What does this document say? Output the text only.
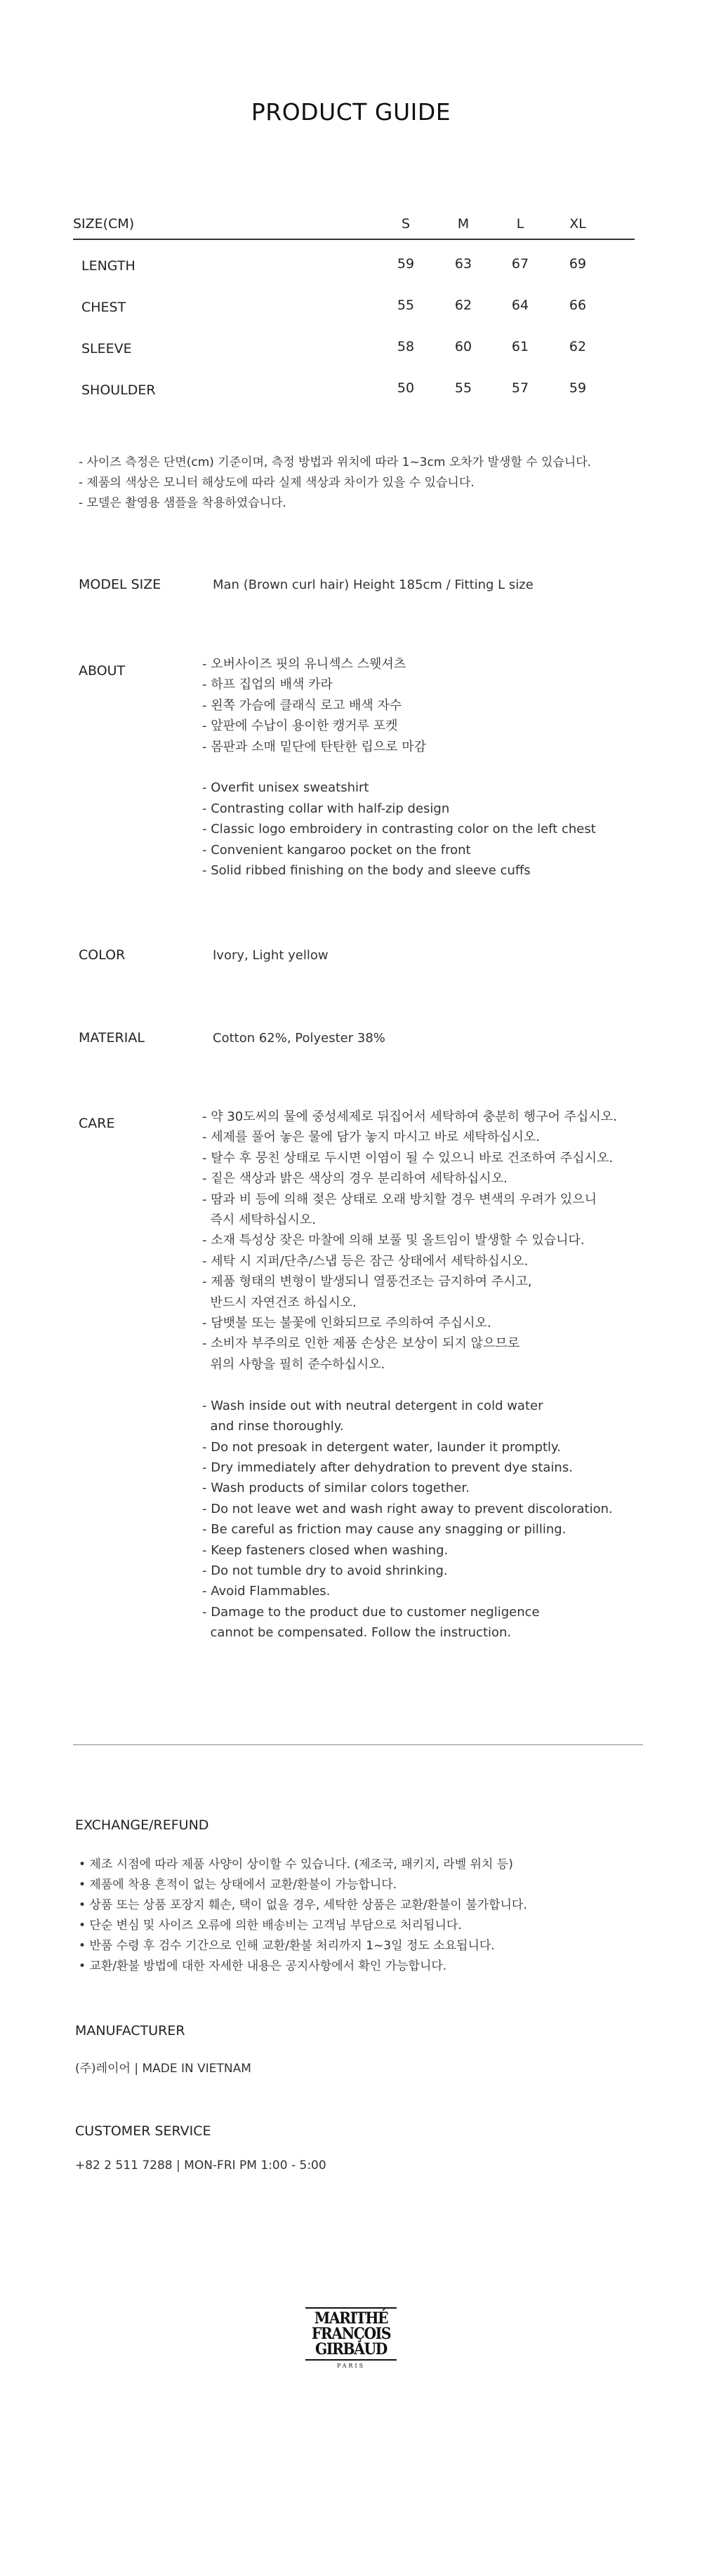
PRODUCT GUIDE
SIZE(CM)	S	M	L	XL
LENGTH	59	63	67	69
CHEST	55	62	64	66
SLEEVE	58	60	61	62
SHOULDER	50	55	57	59
- 사이즈 측정은 단면(cm) 기준이며, 측정 방법과 위치에 따라 1~3cm 오차가 발생할 수 있습니다.
- 제품의 색상은 모니터 해상도에 따라 실제 색상과 차이가 있을 수 있습니다.
- 모델은 촬영용 샘플을 착용하였습니다.
MODEL SIZE	Man (Brown curl hair) Height 185cm / Fitting L size
ABOUT	- 오버사이즈 핏의 유니섹스 스웻셔츠
- 하프 집업의 배색 카라
- 왼쪽 가슴에 클래식 로고 배색 자수
- 앞판에 수납이 용이한 캥거루 포켓
- 몸판과 소매 밑단에 탄탄한 립으로 마감

- Overfit unisex sweatshirt
- Contrasting collar with half-zip design
- Classic logo embroidery in contrasting color on the left chest
- Convenient kangaroo pocket on the front
- Solid ribbed finishing on the body and sleeve cuffs
COLOR	Ivory, Light yellow
MATERIAL	Cotton 62%, Polyester 38%
CARE	- 약 30도씨의 물에 중성세제로 뒤집어서 세탁하여 충분히 헹구어 주십시오.
- 세제를 풀어 놓은 물에 담가 놓지 마시고 바로 세탁하십시오.
- 탈수 후 뭉친 상태로 두시면 이염이 될 수 있으니 바로 건조하여 주십시오.
- 짙은 색상과 밝은 색상의 경우 분리하여 세탁하십시오.
- 땀과 비 등에 의해 젖은 상태로 오래 방치할 경우 변색의 우려가 있으니
즉시 세탁하십시오.
- 소재 특성상 잦은 마찰에 의해 보풀 및 올트임이 발생할 수 있습니다.
- 세탁 시 지퍼/단추/스냅 등은 잠근 상태에서 세탁하십시오.
- 제품 형태의 변형이 발생되니 열풍건조는 금지하여 주시고,
반드시 자연건조 하십시오.
- 담뱃불 또는 불꽃에 인화되므로 주의하여 주십시오.
- 소비자 부주의로 인한 제품 손상은 보상이 되지 않으므로
위의 사항을 필히 준수하십시오.

- Wash inside out with neutral detergent in cold water
and rinse thoroughly.
- Do not presoak in detergent water, launder it promptly.
- Dry immediately after dehydration to prevent dye stains.
- Wash products of similar colors together.
- Do not leave wet and wash right away to prevent discoloration.
- Be careful as friction may cause any snagging or pilling.
- Keep fasteners closed when washing.
- Do not tumble dry to avoid shrinking.
- Avoid Flammables.
- Damage to the product due to customer negligence
cannot be compensated. Follow the instruction.
EXCHANGE/REFUND
• 제조 시점에 따라 제품 사양이 상이할 수 있습니다. (제조국, 패키지, 라벨 위치 등)
• 제품에 착용 흔적이 없는 상태에서 교환/환불이 가능합니다.
• 상품 또는 상품 포장지 훼손, 택이 없을 경우, 세탁한 상품은 교환/환불이 불가합니다.
• 단순 변심 및 사이즈 오류에 의한 배송비는 고객님 부담으로 처리됩니다.
• 반품 수령 후 검수 기간으로 인해 교환/환불 처리까지 1~3일 정도 소요됩니다.
• 교환/환불 방법에 대한 자세한 내용은 공지사항에서 확인 가능합니다.
MANUFACTURER
(주)레이어 | MADE IN VIETNAM
CUSTOMER SERVICE
+82 2 511 7288 | MON-FRI PM 1:00 - 5:00
MARITHÉ
FRANÇOIS
GIRBAUD
PARIS
